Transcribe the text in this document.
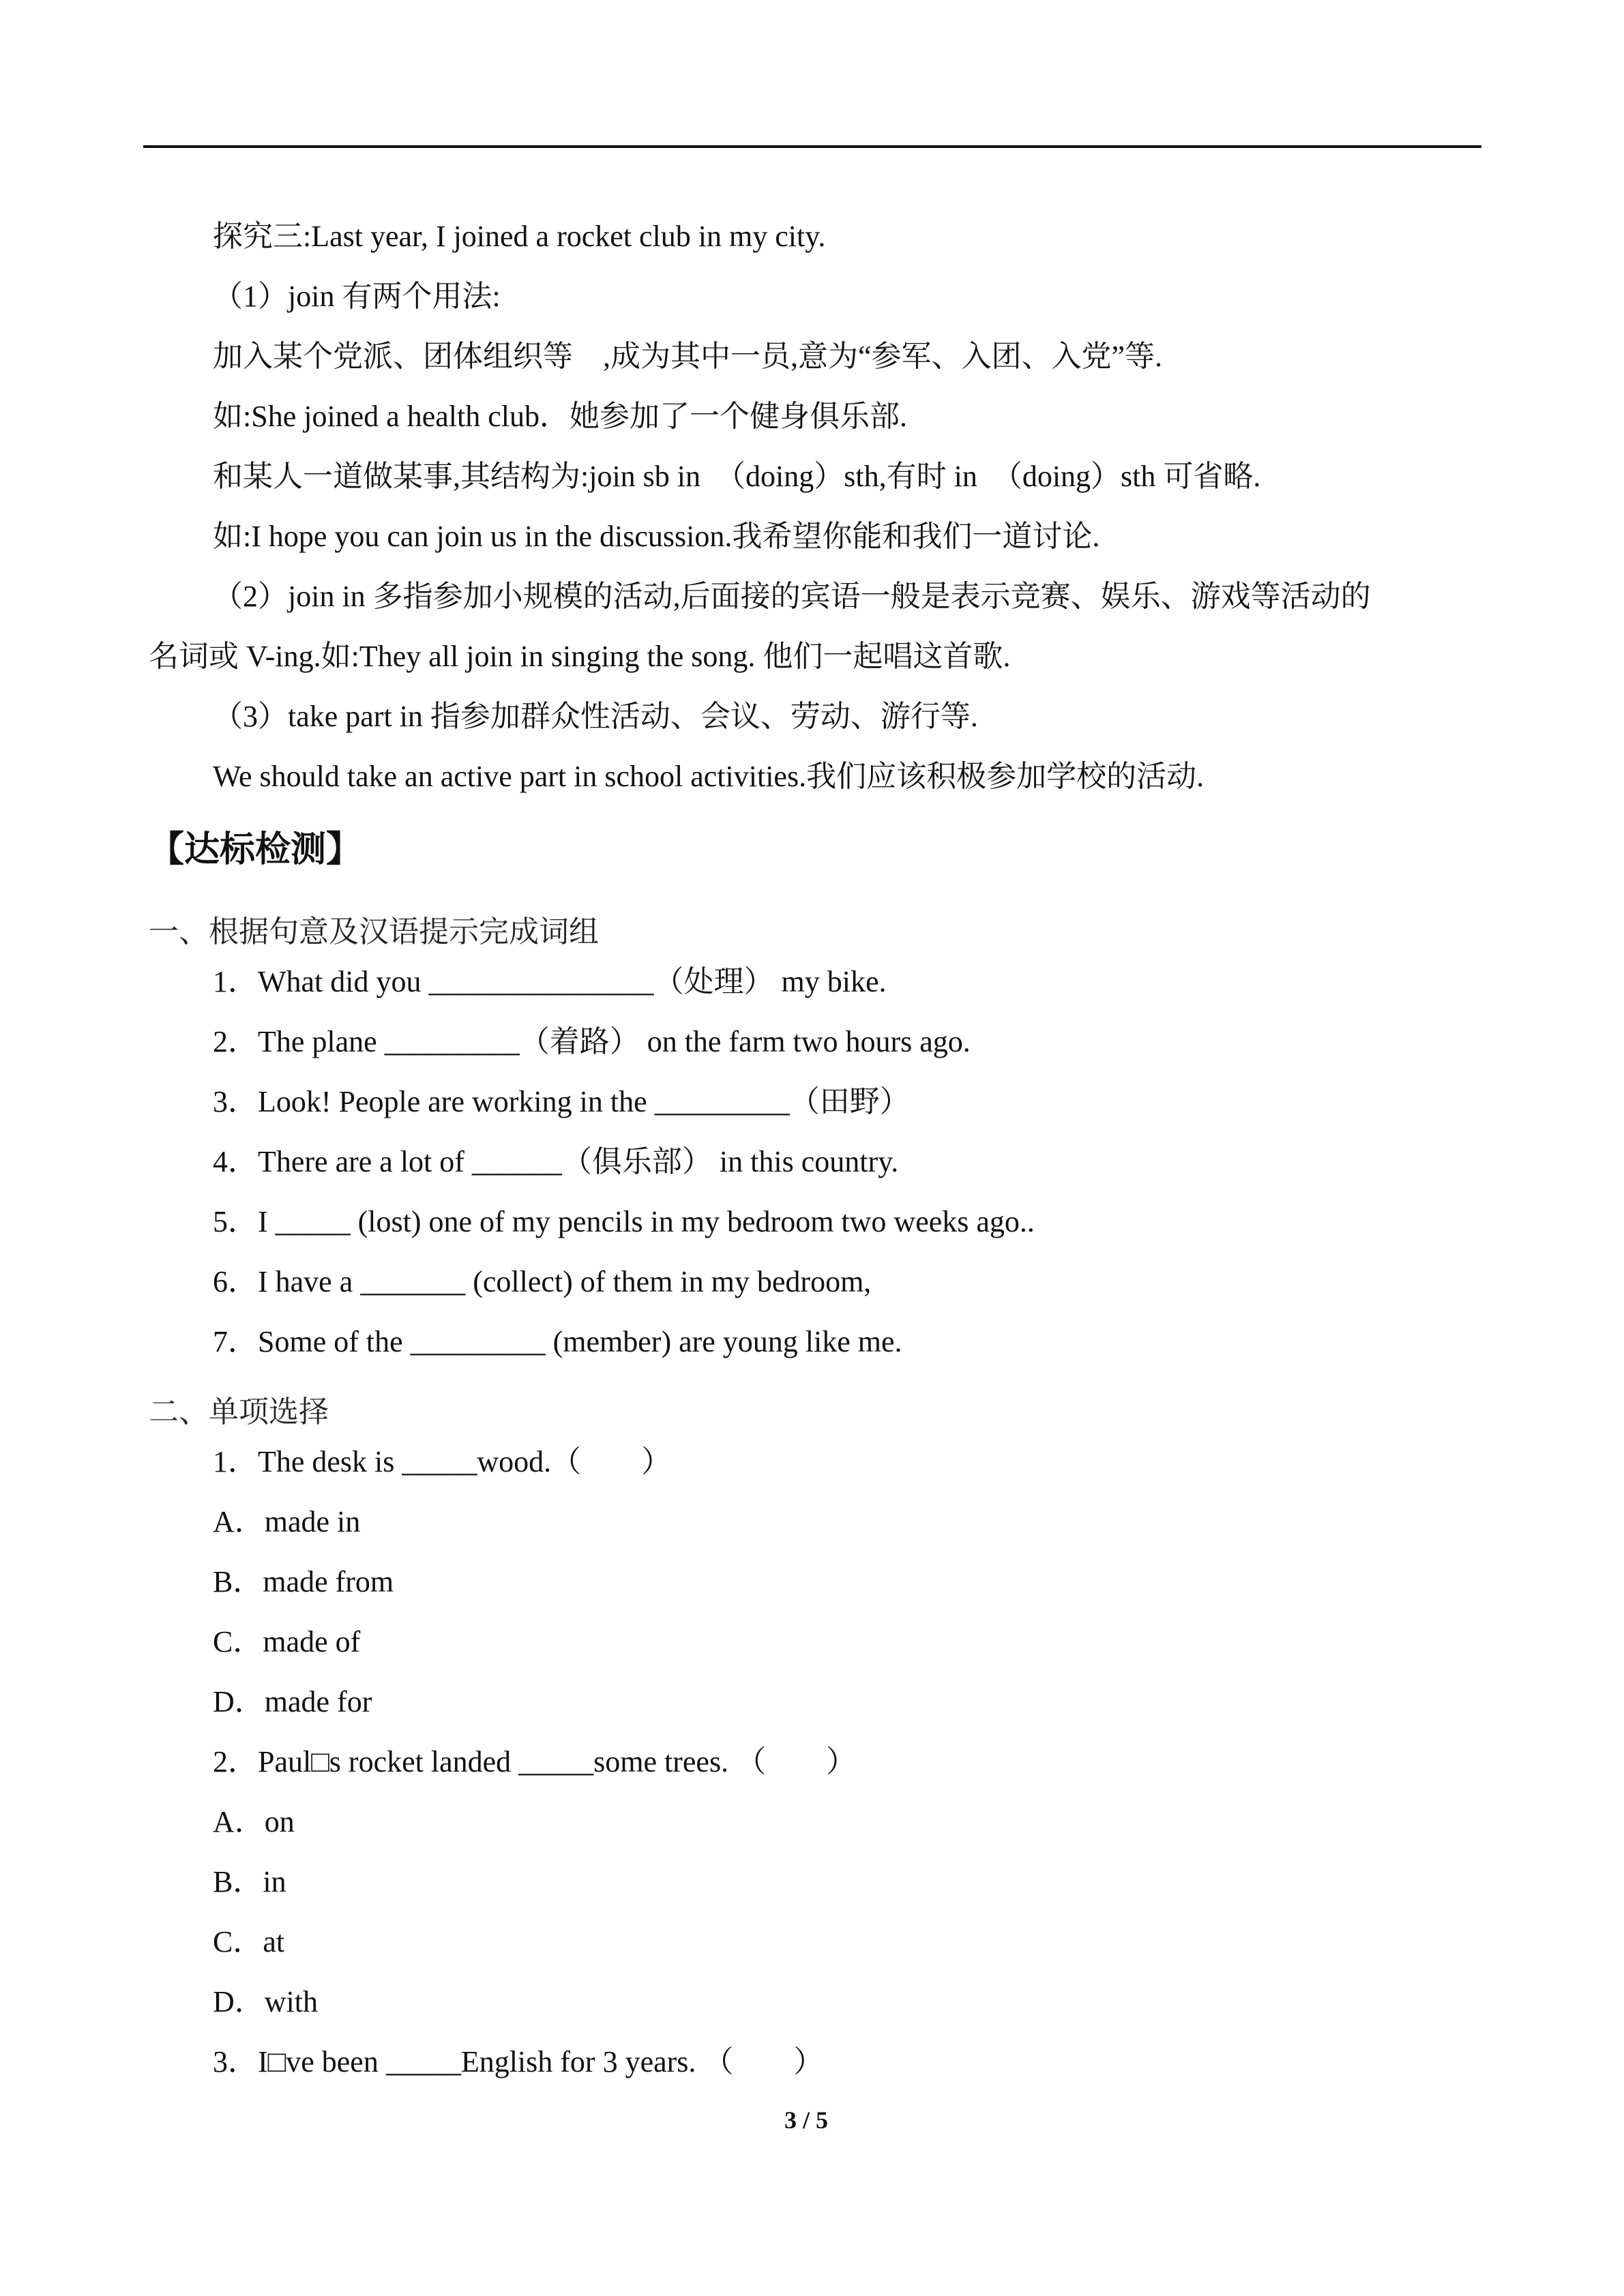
探究三:Last year, I joined a rocket club in my city.
（1）join 有两个用法:
加入某个党派、团体组织等　,成为其中一员,意为“参军、入团、入党”等.
如:She joined a health club．她参加了一个健身俱乐部.
和某人一道做某事,其结构为:join sb in　（doing）sth,有时 in　（doing）sth 可省略.
如:I hope you can join us in the discussion.我希望你能和我们一道讨论.
（2）join in 多指参加小规模的活动,后面接的宾语一般是表示竞赛、娱乐、游戏等活动的
名词或 V-ing.如:They all join in singing the song. 他们一起唱这首歌.
（3）take part in 指参加群众性活动、会议、劳动、游行等.
We should take an active part in school activities.我们应该积极参加学校的活动.
【达标检测】
一、根据句意及汉语提示完成词组
1．What did you _______________（处理） my bike.
2．The plane _________（着路） on the farm two hours ago.
3．Look! People are working in the _________（田野）
4．There are a lot of ______（俱乐部） in this country.
5．I _____ (lost) one of my pencils in my bedroom two weeks ago..
6．I have a _______ (collect) of them in my bedroom,
7．Some of the _________ (member) are young like me.
二、单项选择
1．The desk is _____wood.（　　）
A．made in
B．made from
C．made of
D．made for
2．Paul□s rocket landed _____some trees. （　　）
A．on
B．in
C．at
D．with
3．I□ve been _____English for 3 years. （　　）
3 / 5
